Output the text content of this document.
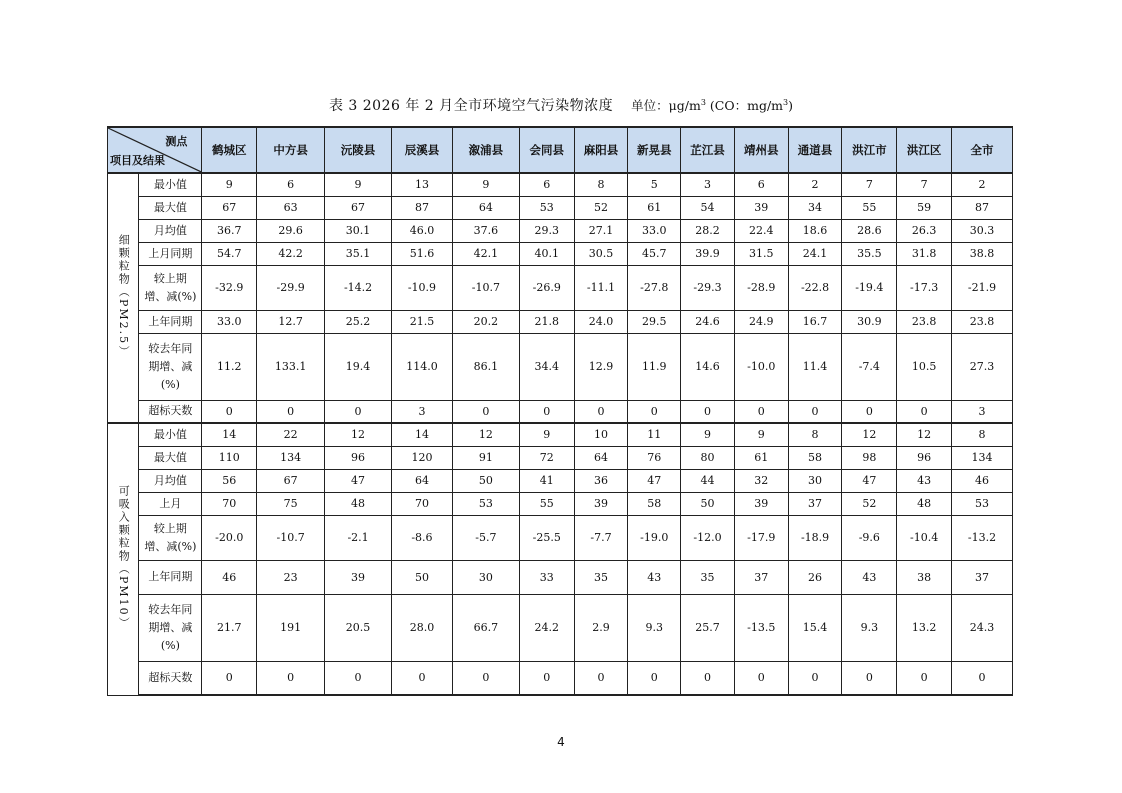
表 3 2026 年 2 月全市环境空气污染物浓度 单位：$\mu g/m^3$ (CO：$mg/m^3$)
测点
项目及结果		鹤城区	中方县	沅陵县	辰溪县	溆浦县	会同县	麻阳县	新晃县	芷江县	靖州县	通道县	洪江市	洪江区	全市
细颗粒物（PM2.5）	最小值	9	6	9	13	9	6	8	5	3	6	2	7	7	2
	最大值	67	63	67	87	64	53	52	61	54	39	34	55	59	87
	月均值	36.7	29.6	30.1	46.0	37.6	29.3	27.1	33.0	28.2	22.4	18.6	28.6	26.3	30.3
	上月同期	54.7	42.2	35.1	51.6	42.1	40.1	30.5	45.7	39.9	31.5	24.1	35.5	31.8	38.8
	较上期
增、减(%)	-32.9	-29.9	-14.2	-10.9	-10.7	-26.9	-11.1	-27.8	-29.3	-28.9	-22.8	-19.4	-17.3	-21.9
	上年同期	33.0	12.7	25.2	21.5	20.2	21.8	24.0	29.5	24.6	24.9	16.7	30.9	23.8	23.8
	较去年同
期增、减
(%)	11.2	133.1	19.4	114.0	86.1	34.4	12.9	11.9	14.6	-10.0	11.4	-7.4	10.5	27.3
	超标天数	0	0	0	3	0	0	0	0	0	0	0	0	0	3
可吸入颗粒物（PM10）	最小值	14	22	12	14	12	9	10	11	9	9	8	12	12	8
	最大值	110	134	96	120	91	72	64	76	80	61	58	98	96	134
	月均值	56	67	47	64	50	41	36	47	44	32	30	47	43	46
	上月	70	75	48	70	53	55	39	58	50	39	37	52	48	53
	较上期
增、减(%)	-20.0	-10.7	-2.1	-8.6	-5.7	-25.5	-7.7	-19.0	-12.0	-17.9	-18.9	-9.6	-10.4	-13.2
	上年同期	46	23	39	50	30	33	35	43	35	37	26	43	38	37
	较去年同
期增、减
(%)	21.7	191	20.5	28.0	66.7	24.2	2.9	9.3	25.7	-13.5	15.4	9.3	13.2	24.3
	超标天数	0	0	0	0	0	0	0	0	0	0	0	0	0	0
4
